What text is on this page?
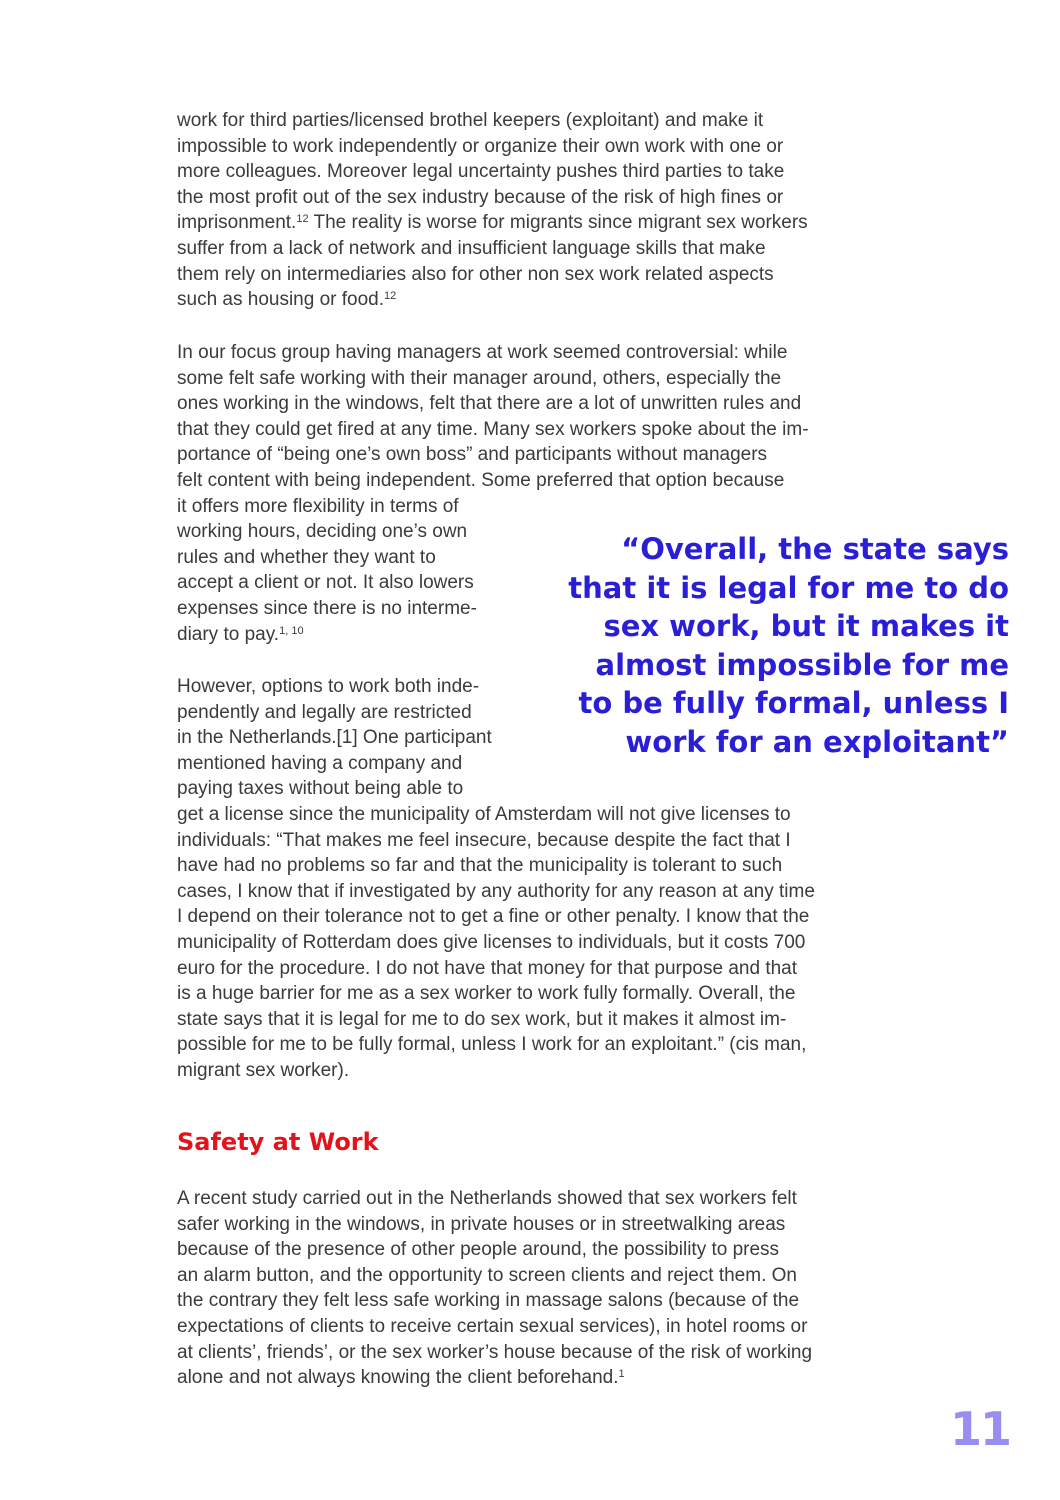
work for third parties/licensed brothel keepers (exploitant) and make it
impossible to work independently or organize their own work with one or
more colleagues. Moreover legal uncertainty pushes third parties to take
the most profit out of the sex industry because of the risk of high fines or
imprisonment.$^{12}$ The reality is worse for migrants since migrant sex workers
suffer from a lack of network and insufficient language skills that make
them rely on intermediaries also for other non sex work related aspects
such as housing or food.$^{12}$

In our focus group having managers at work seemed controversial: while
some felt safe working with their manager around, others, especially the
ones working in the windows, felt that there are a lot of unwritten rules and
that they could get fired at any time. Many sex workers spoke about the im-
portance of “being one’s own boss” and participants without managers
felt content with being independent. Some preferred that option because
it offers more flexibility in terms of
working hours, deciding one’s own
rules and whether they want to
accept a client or not. It also lowers
expenses since there is no interme-
diary to pay.$^{1, 10}$

However, options to work both inde-
pendently and legally are restricted
in the Netherlands.[1] One participant
mentioned having a company and
paying taxes without being able to
get a license since the municipality of Amsterdam will not give licenses to
individuals: “That makes me feel insecure, because despite the fact that I
have had no problems so far and that the municipality is tolerant to such
cases, I know that if investigated by any authority for any reason at any time
I depend on their tolerance not to get a fine or other penalty. I know that the
municipality of Rotterdam does give licenses to individuals, but it costs 700
euro for the procedure. I do not have that money for that purpose and that
is a huge barrier for me as a sex worker to work fully formally. Overall, the
state says that it is legal for me to do sex work, but it makes it almost im-
possible for me to be fully formal, unless I work for an exploitant.” (cis man,
migrant sex worker).

“Overall, the state says
that it is legal for me to do
sex work, but it makes it
almost impossible for me
to be fully formal, unless I
work for an exploitant”
Safety at Work

A recent study carried out in the Netherlands showed that sex workers felt
safer working in the windows, in private houses or in streetwalking areas
because of the presence of other people around, the possibility to press
an alarm button, and the opportunity to screen clients and reject them. On
the contrary they felt less safe working in massage salons (because of the
expectations of clients to receive certain sexual services), in hotel rooms or
at clients’, friends’, or the sex worker’s house because of the risk of working
alone and not always knowing the client beforehand.$^1$

11
